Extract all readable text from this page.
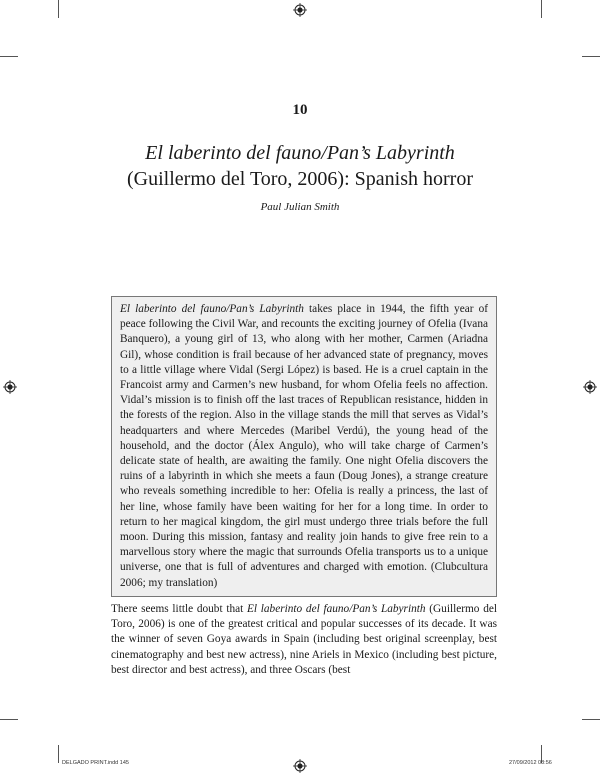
10
El laberinto del fauno/Pan’s Labyrinth
(Guillermo del Toro, 2006): Spanish horror
Paul Julian Smith
El laberinto del fauno/Pan’s Labyrinth takes place in 1944, the fifth year of peace following the Civil War, and recounts the exciting journey of Ofelia (Ivana Banquero), a young girl of 13, who along with her mother, Carmen (Ariadna Gil), whose condition is frail because of her advanced state of pregnancy, moves to a little village where Vidal (Sergi López) is based. He is a cruel captain in the Francoist army and Carmen’s new husband, for whom Ofelia feels no affection. Vidal’s mission is to finish off the last traces of Republican resistance, hidden in the forests of the region. Also in the village stands the mill that serves as Vidal’s headquarters and where Mercedes (Maribel Verdú), the young head of the household, and the doctor (Álex Angulo), who will take charge of Carmen’s delicate state of health, are awaiting the family. One night Ofelia discovers the ruins of a labyrinth in which she meets a faun (Doug Jones), a strange creature who reveals something incredible to her: Ofelia is really a princess, the last of her line, whose family have been waiting for her for a long time. In order to return to her magical kingdom, the girl must undergo three trials before the full moon. During this mission, fantasy and reality join hands to give free rein to a marvellous story where the magic that surrounds Ofelia transports us to a unique universe, one that is full of adventures and charged with emotion. (Clubcultura 2006; my translation)
There seems little doubt that El laberinto del fauno/Pan’s Labyrinth (Guillermo del Toro, 2006) is one of the greatest critical and popular successes of its decade. It was the winner of seven Goya awards in Spain (including best original screenplay, best cinematography and best new actress), nine Ariels in Mexico (including best picture, best director and best actress), and three Oscars (best
DELGADO PRINT.indd 145	27/09/2012 08:56
